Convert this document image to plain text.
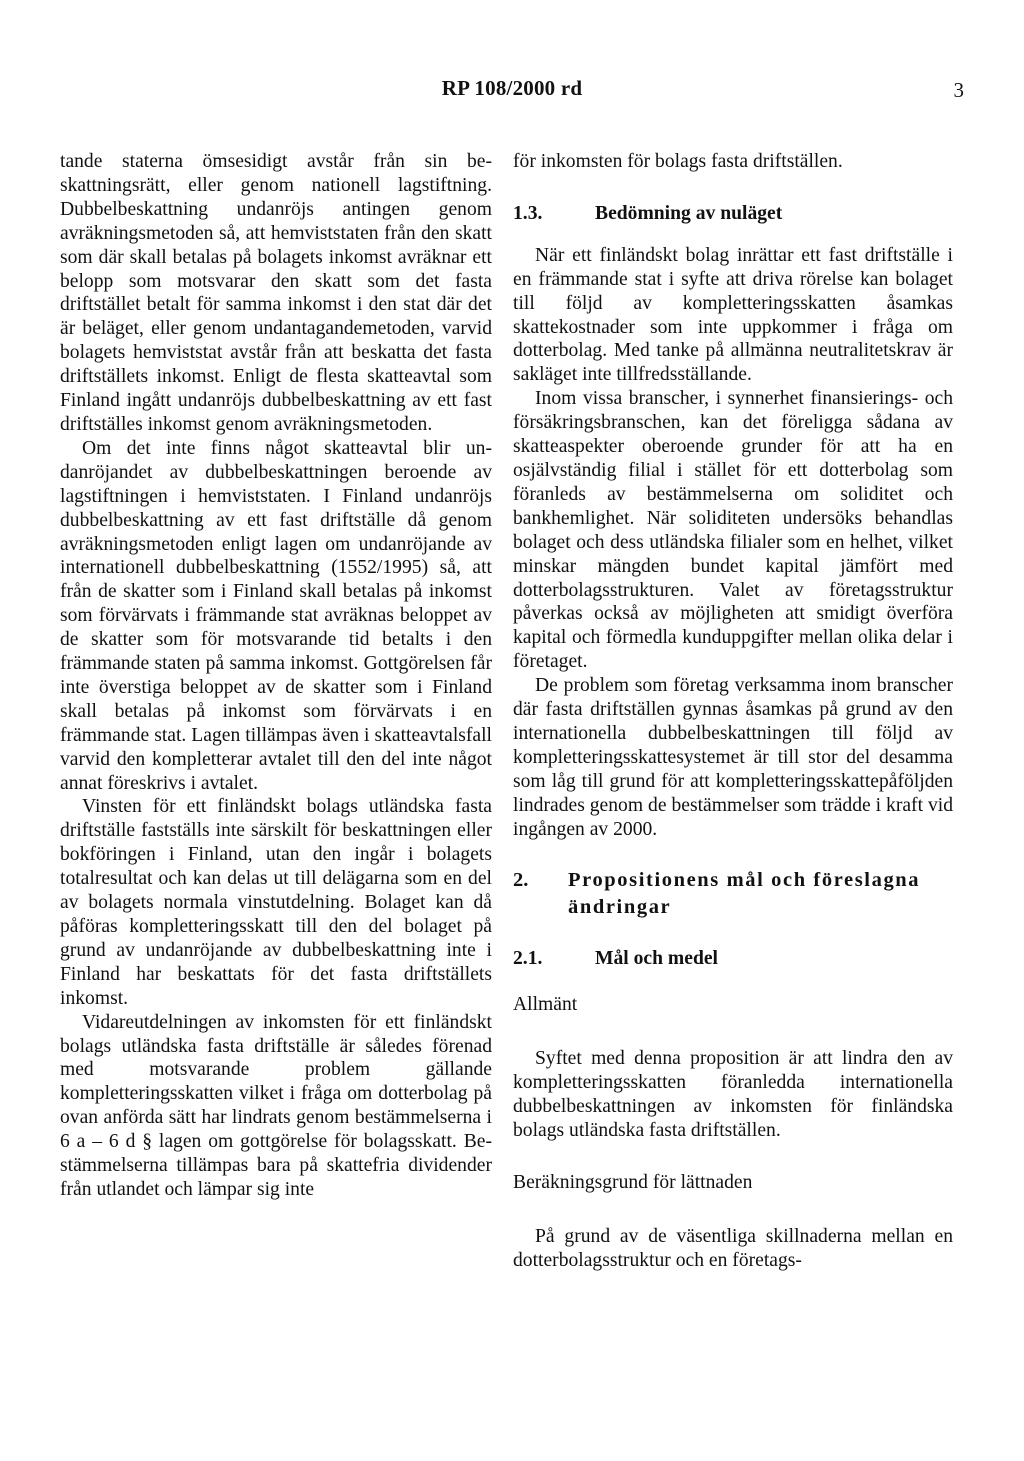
RP 108/2000 rd	3

tande staterna ömsesidigt avstår från sin beskattningsrätt, eller genom nationell lagstiftning. Dubbelbeskattning undanröjs antingen genom avräkningsmetoden så, att hemviststaten från den skatt som där skall betalas på bolagets inkomst avräknar ett belopp som motsvarar den skatt som det fasta driftstället betalt för samma inkomst i den stat där det är beläget, eller genom undantagandemetoden, varvid bolagets hemviststat avstår från att beskatta det fasta driftställets inkomst. Enligt de flesta skatteavtal som Finland ingått undanröjs dubbelbeskattning av ett fast driftställes inkomst genom avräkningsmetoden.

Om det inte finns något skatteavtal blir undanröjandet av dubbelbeskattningen beroende av lagstiftningen i hemviststaten. I Finland undanröjs dubbelbeskattning av ett fast driftställe då genom avräkningsmetoden enligt lagen om undanröjande av internationell dubbelbeskattning (1552/1995) så, att från de skatter som i Finland skall betalas på inkomst som förvärvats i främmande stat avräknas beloppet av de skatter som för motsvarande tid betalts i den främmande staten på samma inkomst. Gottgörelsen får inte överstiga beloppet av de skatter som i Finland skall betalas på inkomst som förvärvats i en främmande stat. Lagen tillämpas även i skatteavtalsfall varvid den kompletterar avtalet till den del inte något annat föreskrivs i avtalet.

Vinsten för ett finländskt bolags utländska fasta driftställe fastställs inte särskilt för beskattningen eller bokföringen i Finland, utan den ingår i bolagets totalresultat och kan delas ut till delägarna som en del av bolagets normala vinstutdelning. Bolaget kan då påföras kompletteringsskatt till den del bolaget på grund av undanröjande av dubbelbeskattning inte i Finland har beskattats för det fasta driftställets inkomst.

Vidareutdelningen av inkomsten för ett finländskt bolags utländska fasta driftställe är således förenad med motsvarande problem gällande kompletteringsskatten vilket i fråga om dotterbolag på ovan anförda sätt har lindrats genom bestämmelserna i 6 a – 6 d § lagen om gottgörelse för bolagsskatt. Bestämmelserna tillämpas bara på skattefria dividender från utlandet och lämpar sig inte

för inkomsten för bolags fasta driftställen.

1.3.	Bedömning av nuläget

När ett finländskt bolag inrättar ett fast driftställe i en främmande stat i syfte att driva rörelse kan bolaget till följd av kompletteringsskatten åsamkas skattekostnader som inte uppkommer i fråga om dotterbolag. Med tanke på allmänna neutralitetskrav är sakläget inte tillfredsställande.

Inom vissa branscher, i synnerhet finansierings- och försäkringsbranschen, kan det föreligga sådana av skatteaspekter oberoende grunder för att ha en osjälvständig filial i stället för ett dotterbolag som föranleds av bestämmelserna om soliditet och bankhemlighet. När soliditeten undersöks behandlas bolaget och dess utländska filialer som en helhet, vilket minskar mängden bundet kapital jämfört med dotterbolagsstrukturen. Valet av företagsstruktur påverkas också av möjligheten att smidigt överföra kapital och förmedla kunduppgifter mellan olika delar i företaget.

De problem som företag verksamma inom branscher där fasta driftställen gynnas åsamkas på grund av den internationella dubbelbeskattningen till följd av kompletteringsskattesystemet är till stor del desamma som låg till grund för att kompletteringsskattepåföljden lindrades genom de bestämmelser som trädde i kraft vid ingången av 2000.

2.	Propositionens mål och föreslagna ändringar
2.1.	Mål och medel

Allmänt

Syftet med denna proposition är att lindra den av kompletteringsskatten föranledda internationella dubbelbeskattningen av inkomsten för finländska bolags utländska fasta driftställen.

Beräkningsgrund för lättnaden

På grund av de väsentliga skillnaderna mellan en dotterbolagsstruktur och en företags-
